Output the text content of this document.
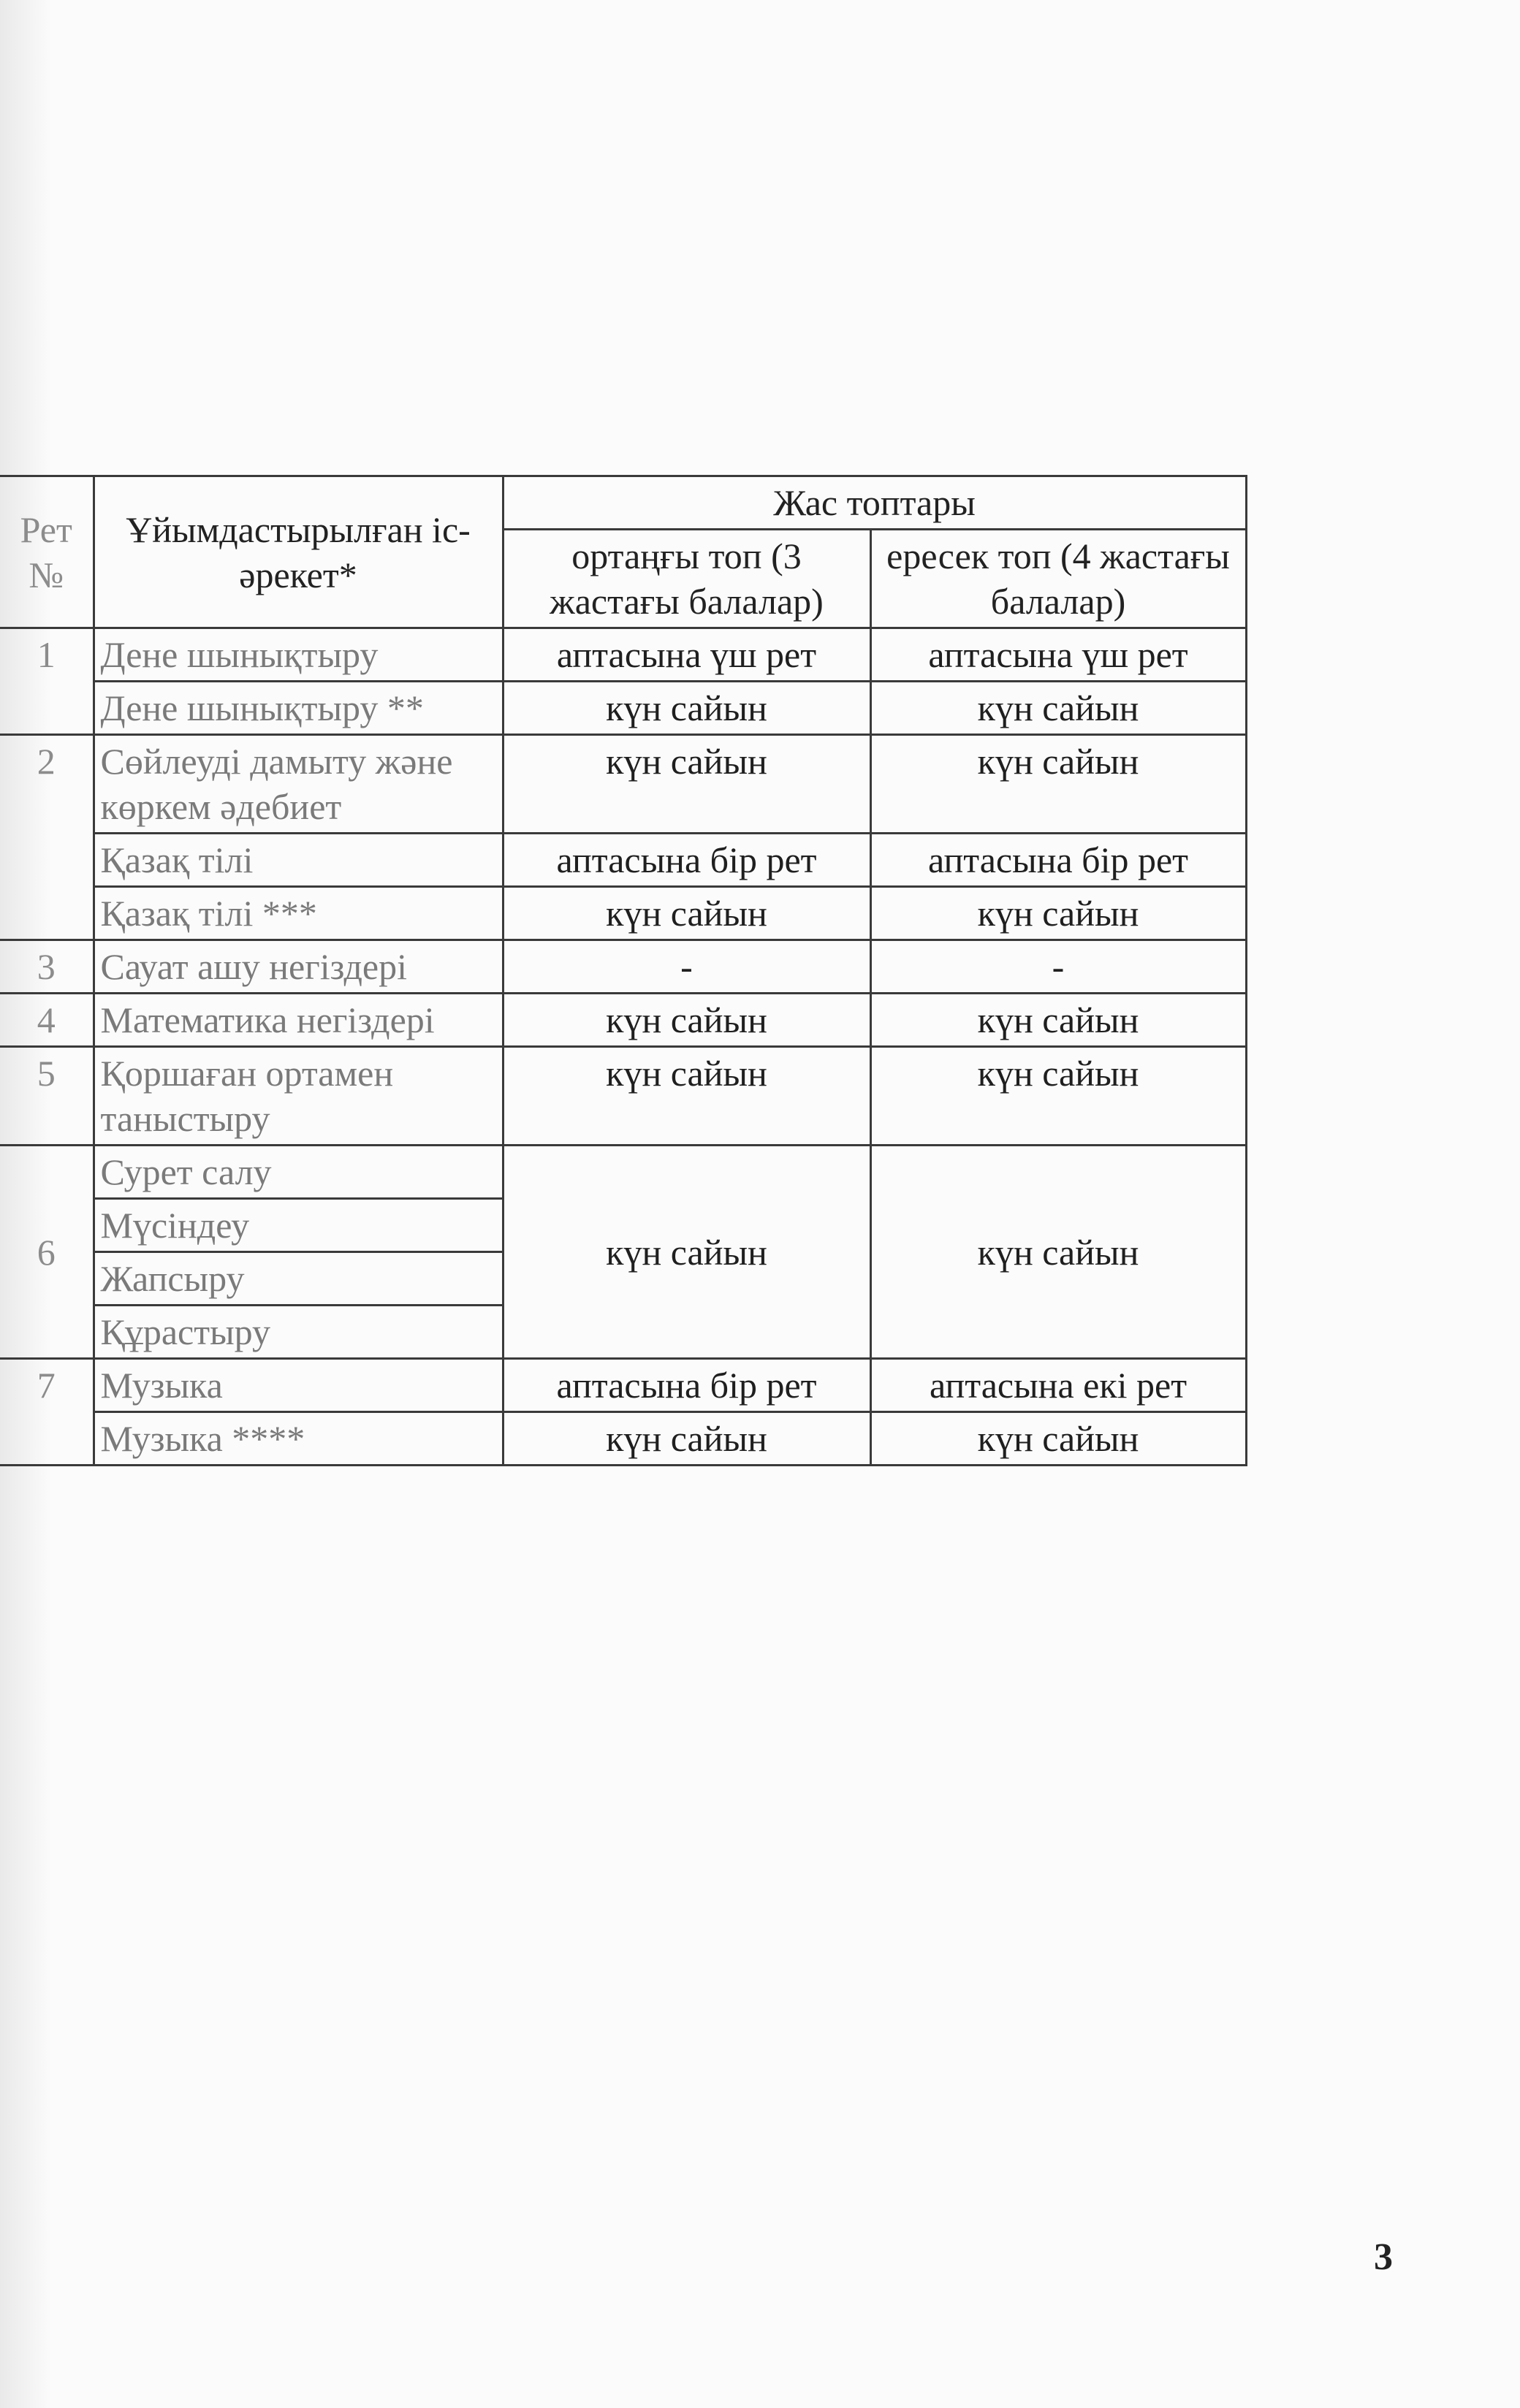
Рет №	Ұйымдастырылған іс-әрекет*	Жас топтары	
		ортаңғы топ (3 жастағы балалар)	ересек топ (4 жастағы балалар)
1	Дене шынықтыру	аптасына үш рет	аптасына үш рет
	Дене шынықтыру **	күн сайын	күн сайын
2	Сөйлеуді дамыту және көркем әдебиет	күн сайын	күн сайын
	Қазақ тілі	аптасына бір рет	аптасына бір рет
	Қазақ тілі ***	күн сайын	күн сайын
3	Сауат ашу негіздері	-	-
4	Математика негіздері	күн сайын	күн сайын
5	Қоршаған ортамен таныстыру	күн сайын	күн сайын
6	Сурет салу	күн сайын	күн сайын
	Мүсіндеу		
	Жапсыру		
	Құрастыру		
7	Музыка	аптасына бір рет	аптасына екі рет
	Музыка ****	күн сайын	күн сайын
3
